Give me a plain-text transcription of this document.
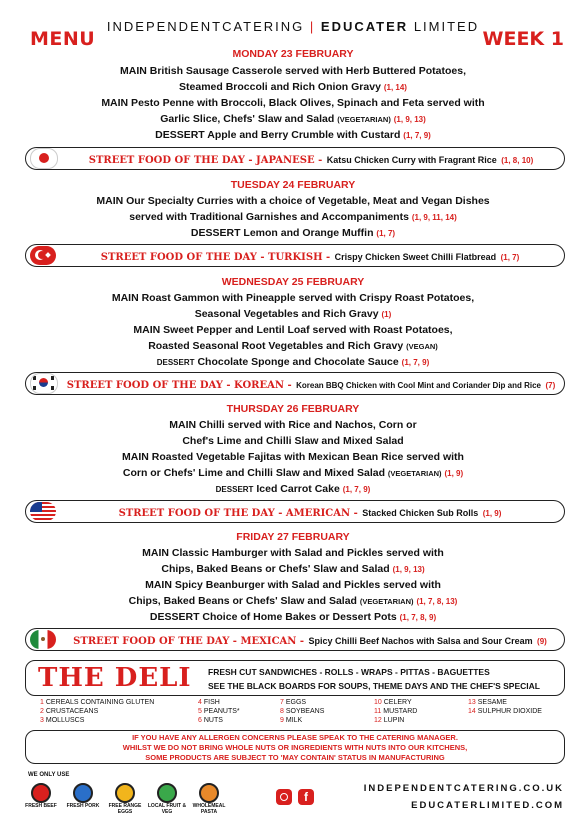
MENU	WEEK 1
INDEPENDENTCATERING | EDUCATER LIMITED
MONDAY 23 FEBRUARY
MAIN British Sausage Casserole served with Herb Buttered Potatoes,
Steamed Broccoli and Rich Onion Gravy (1, 14)
MAIN Pesto Penne with Broccoli, Black Olives, Spinach and Feta served with
Garlic Slice, Chefs' Slaw and Salad (VEGETARIAN) (1, 9, 13)
DESSERT Apple and Berry Crumble with Custard (1, 7, 9)
STREET FOOD OF THE DAY - JAPANESE - Katsu Chicken Curry with Fragrant Rice (1, 8, 10)
TUESDAY 24 FEBRUARY
MAIN Our Specialty Curries with a choice of Vegetable, Meat and Vegan Dishes
served with Traditional Garnishes and Accompaniments (1, 9, 11, 14)
DESSERT Lemon and Orange Muffin (1, 7)
STREET FOOD OF THE DAY - TURKISH - Crispy Chicken Sweet Chilli Flatbread (1, 7)
WEDNESDAY 25 FEBRUARY
MAIN Roast Gammon with Pineapple served with Crispy Roast Potatoes,
Seasonal Vegetables and Rich Gravy (1)
MAIN Sweet Pepper and Lentil Loaf served with Roast Potatoes,
Roasted Seasonal Root Vegetables and Rich Gravy (VEGAN)
DESSERT Chocolate Sponge and Chocolate Sauce (1, 7, 9)
STREET FOOD OF THE DAY - KOREAN - Korean BBQ Chicken with Cool Mint and Coriander Dip and Rice (7)
THURSDAY 26 FEBRUARY
MAIN Chilli served with Rice and Nachos, Corn or
Chef's Lime and Chilli Slaw and Mixed Salad
MAIN Roasted Vegetable Fajitas with Mexican Bean Rice served with
Corn or Chefs' Lime and Chilli Slaw and Mixed Salad (VEGETARIAN) (1, 9)
DESSERT Iced Carrot Cake (1, 7, 9)
STREET FOOD OF THE DAY - AMERICAN - Stacked Chicken Sub Rolls (1, 9)
FRIDAY 27 FEBRUARY
MAIN Classic Hamburger with Salad and Pickles served with
Chips, Baked Beans or Chefs' Slaw and Salad (1, 9, 13)
MAIN Spicy Beanburger with Salad and Pickles served with
Chips, Baked Beans or Chefs' Slaw and Salad (VEGETARIAN) (1, 7, 8, 13)
DESSERT Choice of Home Bakes or Dessert Pots (1, 7, 8, 9)
STREET FOOD OF THE DAY - MEXICAN - Spicy Chilli Beef Nachos with Salsa and Sour Cream (9)
THE DELI FRESH CUT SANDWICHES - ROLLS - WRAPS - PITTAS - BAGUETTES
SEE THE BLACK BOARDS FOR SOUPS, THEME DAYS AND THE CHEF'S SPECIAL
1 CEREALS CONTAINING GLUTEN
2 CRUSTACEANS
3 MOLLUSCS
4 FISH
5 PEANUTS*
6 NUTS
7 EGGS
8 SOYBEANS
9 MILK
10 CELERY
11 MUSTARD
12 LUPIN
13 SESAME
14 SULPHUR DIOXIDE
IF YOU HAVE ANY ALLERGEN CONCERNS PLEASE SPEAK TO THE CATERING MANAGER.
WHILST WE DO NOT BRING WHOLE NUTS OR INGREDIENTS WITH NUTS INTO OUR KITCHENS,
SOME PRODUCTS ARE SUBJECT TO 'MAY CONTAIN' STATUS IN MANUFACTURING
WE ONLY USE
FRESH BEEF	FRESH PORK	FREE RANGE EGGS
LOCAL FRUIT & VEG
WHOLEMEAL PASTA
f
INDEPENDENTCATERING.CO.UK
EDUCATERLIMITED.COM
